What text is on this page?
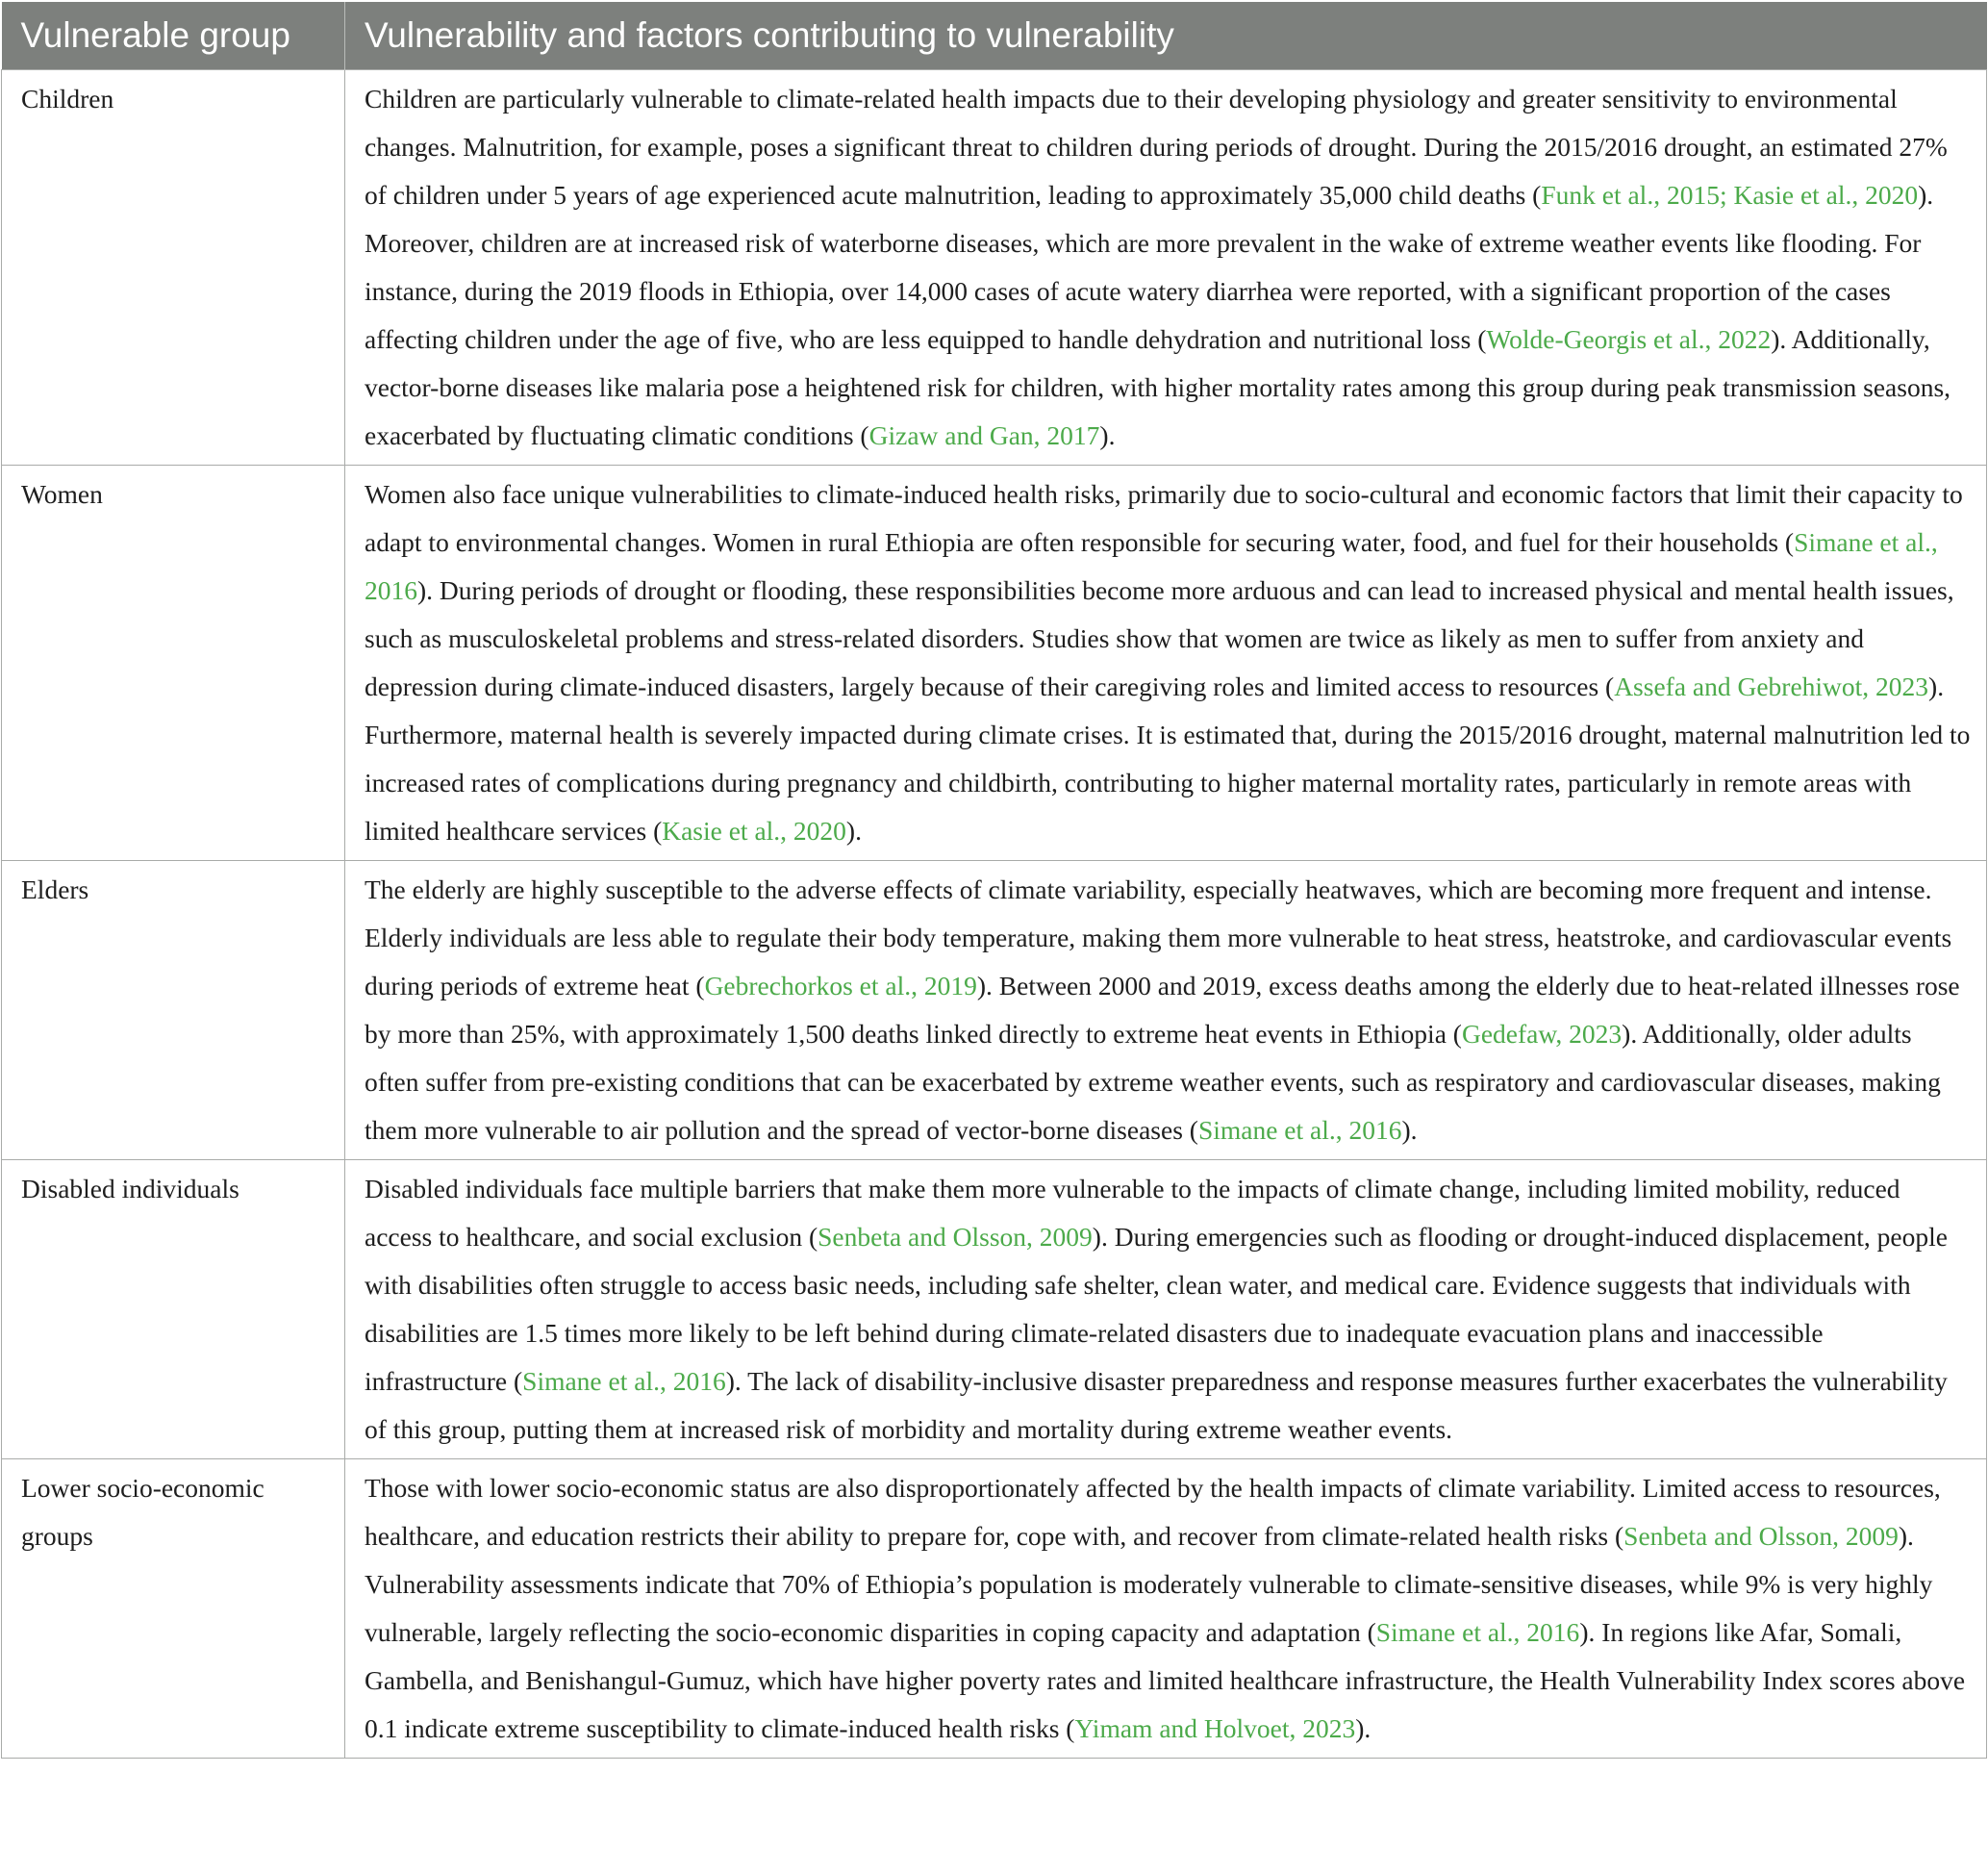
Vulnerable group	Vulnerability and factors contributing to vulnerability
Children	Children are particularly vulnerable to climate-related health impacts due to their developing physiology and greater sensitivity to environmental changes. Malnutrition, for example, poses a significant threat to children during periods of drought. During the 2015/2016 drought, an estimated 27% of children under 5 years of age experienced acute malnutrition, leading to approximately 35,000 child deaths (Funk et al., 2015; Kasie et al., 2020). Moreover, children are at increased risk of waterborne diseases, which are more prevalent in the wake of extreme weather events like flooding. For instance, during the 2019 floods in Ethiopia, over 14,000 cases of acute watery diarrhea were reported, with a significant proportion of the cases affecting children under the age of five, who are less equipped to handle dehydration and nutritional loss (Wolde-Georgis et al., 2022). Additionally, vector-borne diseases like malaria pose a heightened risk for children, with higher mortality rates among this group during peak transmission seasons, exacerbated by fluctuating climatic conditions (Gizaw and Gan, 2017).
Women	Women also face unique vulnerabilities to climate-induced health risks, primarily due to socio-cultural and economic factors that limit their capacity to adapt to environmental changes. Women in rural Ethiopia are often responsible for securing water, food, and fuel for their households (Simane et al., 2016). During periods of drought or flooding, these responsibilities become more arduous and can lead to increased physical and mental health issues, such as musculoskeletal problems and stress-related disorders. Studies show that women are twice as likely as men to suffer from anxiety and depression during climate-induced disasters, largely because of their caregiving roles and limited access to resources (Assefa and Gebrehiwot, 2023). Furthermore, maternal health is severely impacted during climate crises. It is estimated that, during the 2015/2016 drought, maternal malnutrition led to increased rates of complications during pregnancy and childbirth, contributing to higher maternal mortality rates, particularly in remote areas with limited healthcare services (Kasie et al., 2020).
Elders	The elderly are highly susceptible to the adverse effects of climate variability, especially heatwaves, which are becoming more frequent and intense. Elderly individuals are less able to regulate their body temperature, making them more vulnerable to heat stress, heatstroke, and cardiovascular events during periods of extreme heat (Gebrechorkos et al., 2019). Between 2000 and 2019, excess deaths among the elderly due to heat-related illnesses rose by more than 25%, with approximately 1,500 deaths linked directly to extreme heat events in Ethiopia (Gedefaw, 2023). Additionally, older adults often suffer from pre-existing conditions that can be exacerbated by extreme weather events, such as respiratory and cardiovascular diseases, making them more vulnerable to air pollution and the spread of vector-borne diseases (Simane et al., 2016).
Disabled individuals	Disabled individuals face multiple barriers that make them more vulnerable to the impacts of climate change, including limited mobility, reduced access to healthcare, and social exclusion (Senbeta and Olsson, 2009). During emergencies such as flooding or drought-induced displacement, people with disabilities often struggle to access basic needs, including safe shelter, clean water, and medical care. Evidence suggests that individuals with disabilities are 1.5 times more likely to be left behind during climate-related disasters due to inadequate evacuation plans and inaccessible infrastructure (Simane et al., 2016). The lack of disability-inclusive disaster preparedness and response measures further exacerbates the vulnerability of this group, putting them at increased risk of morbidity and mortality during extreme weather events.
Lower socio-economic groups	Those with lower socio-economic status are also disproportionately affected by the health impacts of climate variability. Limited access to resources, healthcare, and education restricts their ability to prepare for, cope with, and recover from climate-related health risks (Senbeta and Olsson, 2009). Vulnerability assessments indicate that 70% of Ethiopia’s population is moderately vulnerable to climate-sensitive diseases, while 9% is very highly vulnerable, largely reflecting the socio-economic disparities in coping capacity and adaptation (Simane et al., 2016). In regions like Afar, Somali, Gambella, and Benishangul-Gumuz, which have higher poverty rates and limited healthcare infrastructure, the Health Vulnerability Index scores above 0.1 indicate extreme susceptibility to climate-induced health risks (Yimam and Holvoet, 2023).
